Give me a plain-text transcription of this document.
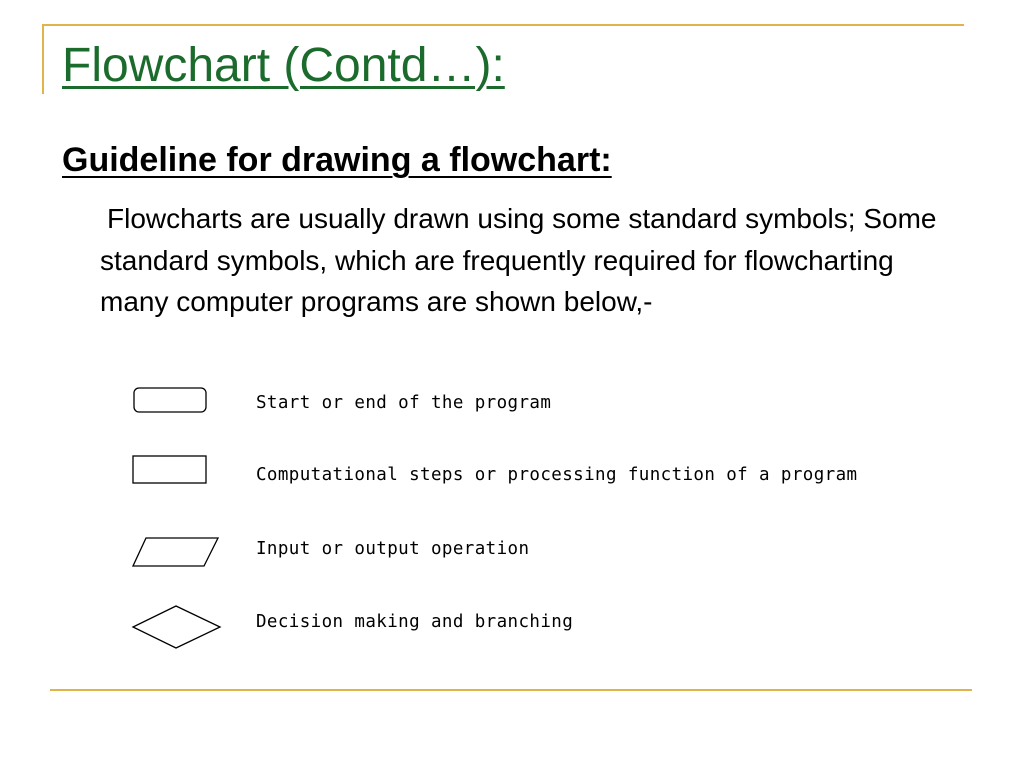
Flowchart (Contd…):
Guideline for drawing a flowchart:

Flowcharts are usually drawn using some standard symbols; Some standard symbols, which are frequently required for flowcharting many computer programs are shown below,-

Start or end of the program
Computational steps or processing function of a program
Input or output operation
Decision making and branching
